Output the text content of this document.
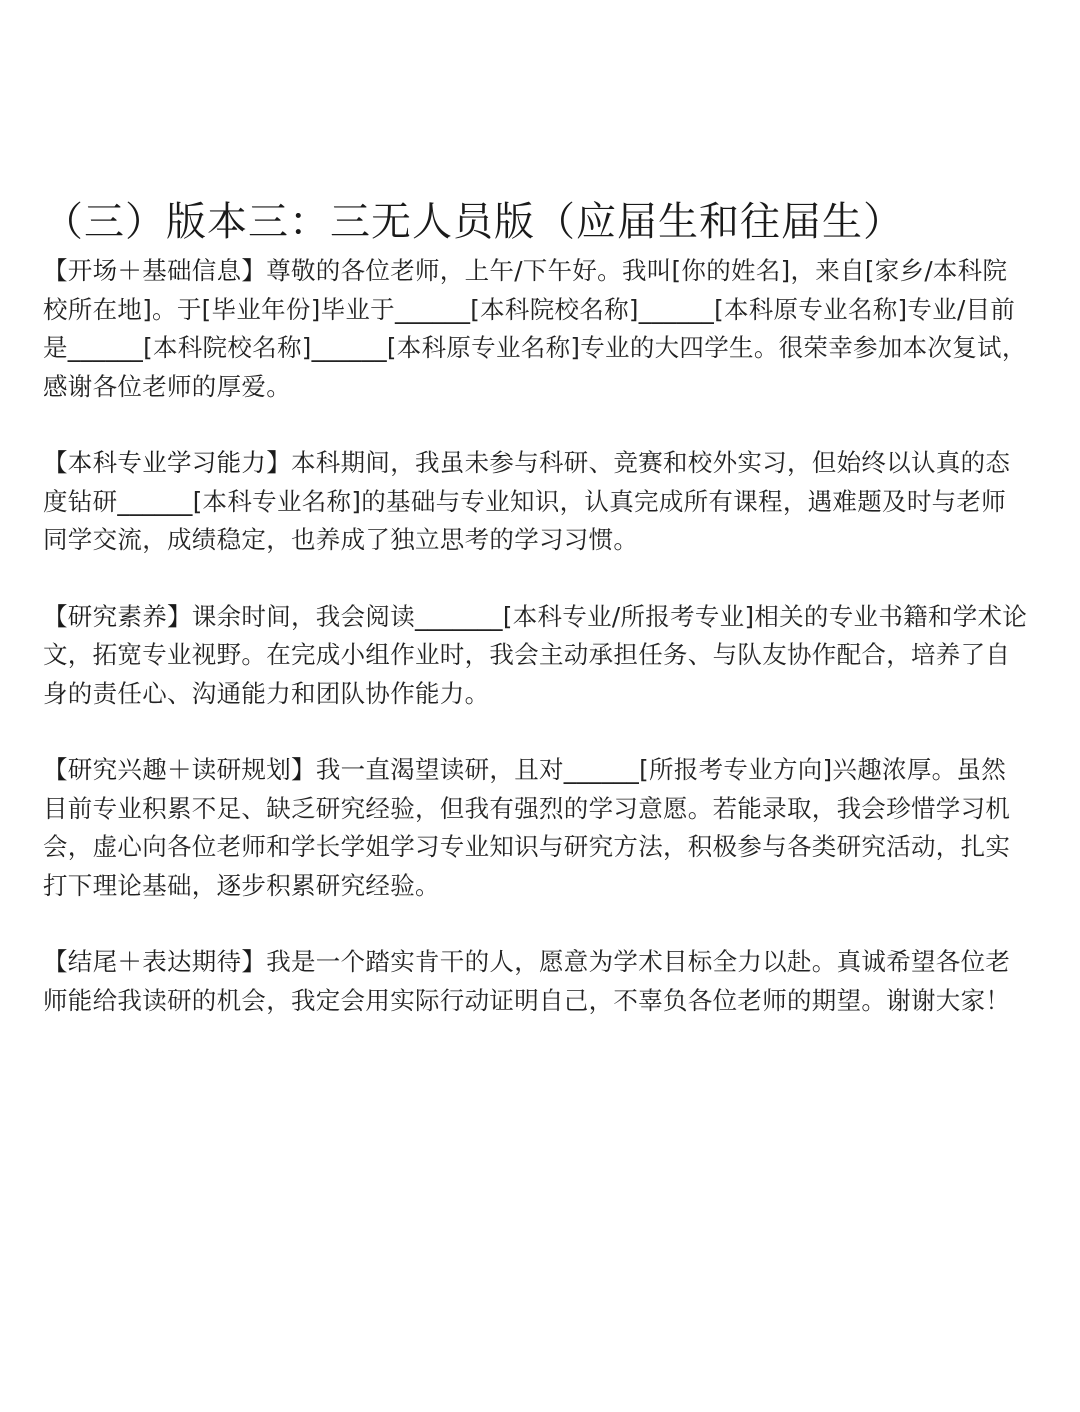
（三）版本三：三无人员版（应届生和往届生）

【开场＋基础信息】尊敬的各位老师，上午/下午好。我叫[你的姓名]，来自[家乡/本科院校所在地]。于[毕业年份]毕业于______[本科院校名称]______[本科原专业名称]专业/目前是______[本科院校名称]______[本科原专业名称]专业的大四学生。很荣幸参加本次复试，感谢各位老师的厚爱。

【本科专业学习能力】本科期间，我虽未参与科研、竞赛和校外实习，但始终以认真的态度钻研______[本科专业名称]的基础与专业知识，认真完成所有课程，遇难题及时与老师同学交流，成绩稳定，也养成了独立思考的学习习惯。

【研究素养】课余时间，我会阅读_______[本科专业/所报考专业]相关的专业书籍和学术论文，拓宽专业视野。在完成小组作业时，我会主动承担任务、与队友协作配合，培养了自身的责任心、沟通能力和团队协作能力。

【研究兴趣＋读研规划】我一直渴望读研，且对______[所报考专业方向]兴趣浓厚。虽然目前专业积累不足、缺乏研究经验，但我有强烈的学习意愿。若能录取，我会珍惜学习机会，虚心向各位老师和学长学姐学习专业知识与研究方法，积极参与各类研究活动，扎实打下理论基础，逐步积累研究经验。

【结尾＋表达期待】我是一个踏实肯干的人，愿意为学术目标全力以赴。真诚希望各位老师能给我读研的机会，我定会用实际行动证明自己，不辜负各位老师的期望。谢谢大家！
